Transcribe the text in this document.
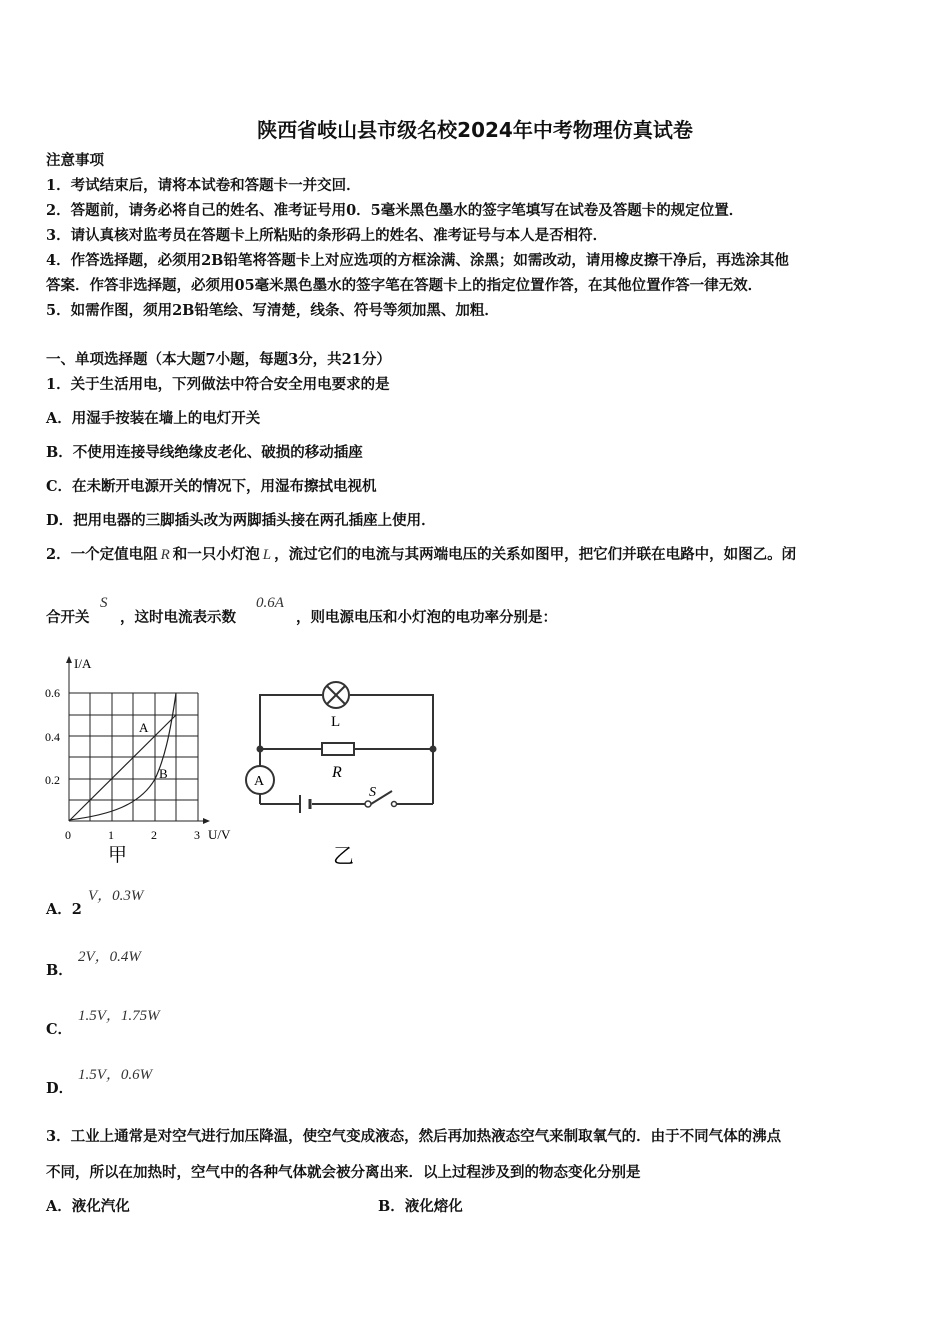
陕西省岐山县市级名校2024年中考物理仿真试卷
注意事项
1．考试结束后，请将本试卷和答题卡一并交回．
2．答题前，请务必将自己的姓名、准考证号用0．5毫米黑色墨水的签字笔填写在试卷及答题卡的规定位置．
3．请认真核对监考员在答题卡上所粘贴的条形码上的姓名、准考证号与本人是否相符．
4．作答选择题，必须用2B铅笔将答题卡上对应选项的方框涂满、涂黑；如需改动，请用橡皮擦干净后，再选涂其他
答案．作答非选择题，必须用05毫米黑色墨水的签字笔在答题卡上的指定位置作答，在其他位置作答一律无效．
5．如需作图，须用2B铅笔绘、写清楚，线条、符号等须加黑、加粗．
一、单项选择题（本大题7小题，每题3分，共21分）
1．关于生活用电，下列做法中符合安全用电要求的是
A．用湿手按装在墙上的电灯开关
B．不使用连接导线绝缘皮老化、破损的移动插座
C．在未断开电源开关的情况下，用湿布擦拭电视机
D．把用电器的三脚插头改为两脚插头接在两孔插座上使用．
2．一个定值电阻 R 和一只小灯泡 L ，流过它们的电流与其两端电压的关系如图甲，把它们并联在电路中，如图乙。闭
合开关
S
，这时电流表示数
0.6A
，则电源电压和小灯泡的电功率分别是：
I/A
U/V
0.6
0.4
0.2
0	1	2	3
A
B
甲
A
L
R
S
乙
A．2
V，0.3W
B．
2V，0.4W
C．
1.5V，1.75W
D．
1.5V，0.6W
3．工业上通常是对空气进行加压降温，使空气变成液态，然后再加热液态空气来制取氧气的．由于不同气体的沸点
不同，所以在加热时，空气中的各种气体就会被分离出来．以上过程涉及到的物态变化分别是
A．液化汽化	B．液化熔化
